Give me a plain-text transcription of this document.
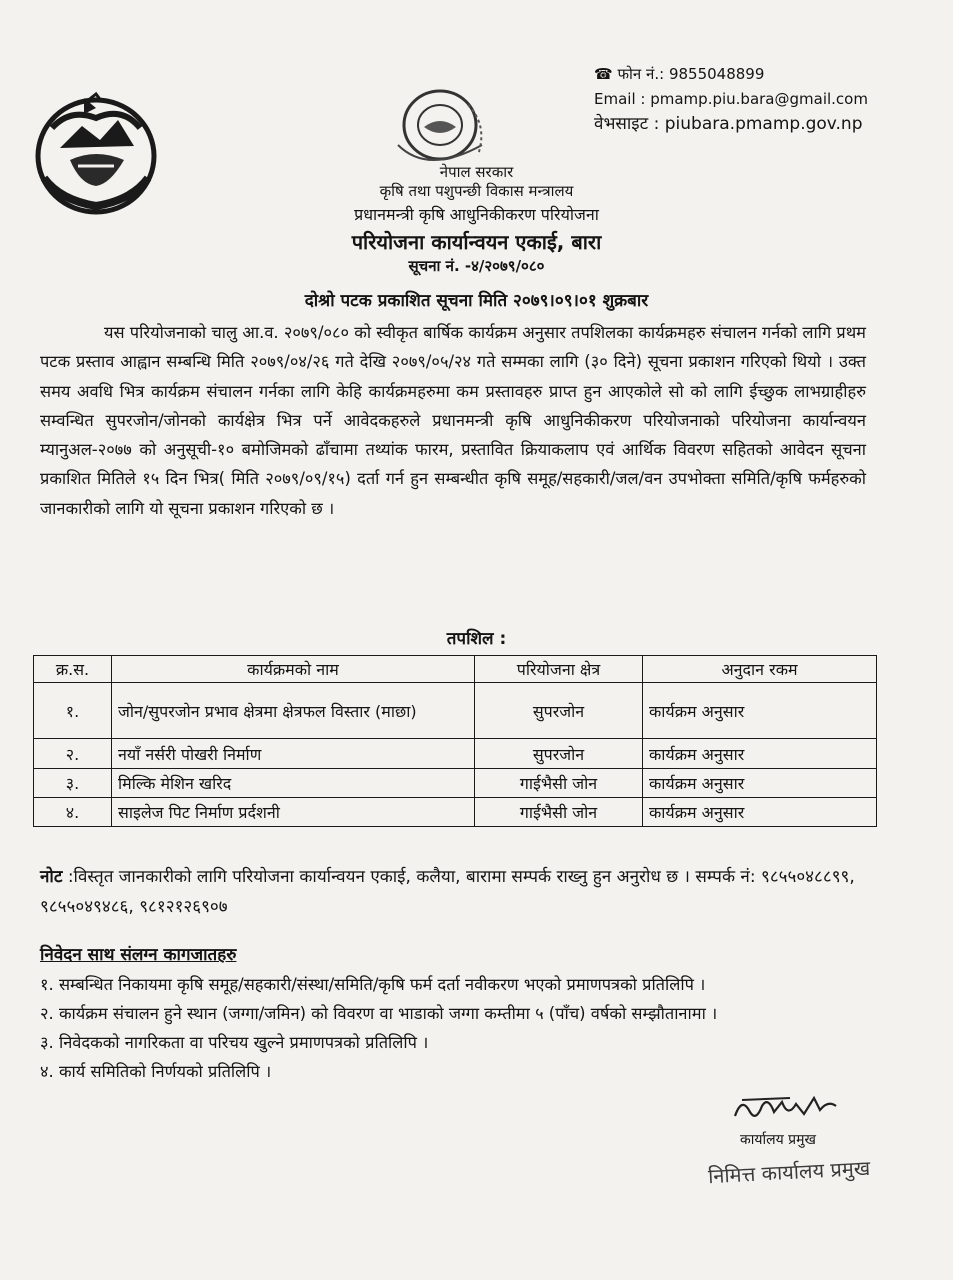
☎ फोन नं.: 9855048899
Email : pmamp.piu.bara@gmail.com
वेभसाइट : piubara.pmamp.gov.np
नेपाल सरकार
कृषि तथा पशुपन्छी विकास मन्त्रालय
प्रधानमन्त्री कृषि आधुनिकीकरण परियोजना
परियोजना कार्यान्वयन एकाई, बारा
सूचना नं. -४/२०७९/०८०
दोश्रो पटक प्रकाशित सूचना मिति २०७९।०९।०१ शुक्रबार

यस परियोजनाको चालु आ.व. २०७९/०८० को स्वीकृत बार्षिक कार्यक्रम अनुसार तपशिलका कार्यक्रमहरु संचालन गर्नको लागि प्रथम पटक प्रस्ताव आह्वान सम्बन्धि मिति २०७९/०४/२६ गते देखि २०७९/०५/२४ गते सम्मका लागि (३० दिने) सूचना प्रकाशन गरिएको थियो । उक्त समय अवधि भित्र कार्यक्रम संचालन गर्नका लागि केहि कार्यक्रमहरुमा कम प्रस्तावहरु प्राप्त हुन आएकोले सो को लागि ईच्छुक लाभग्राहीहरु सम्वन्धित सुपरजोन/जोनको कार्यक्षेत्र भित्र पर्ने आवेदकहरुले प्रधानमन्त्री कृषि आधुनिकीकरण परियोजनाको परियोजना कार्यान्वयन म्यानुअल-२०७७ को अनुसूची-१० बमोजिमको ढाँचामा तथ्यांक फारम, प्रस्तावित क्रियाकलाप एवं आर्थिक विवरण सहितको आवेदन सूचना प्रकाशित मितिले १५ दिन भित्र( मिति २०७९/०९/१५) दर्ता गर्न हुन सम्बन्धीत कृषि समूह/सहकारी/जल/वन उपभोक्ता समिति/कृषि फर्महरुको जानकारीको लागि यो सूचना प्रकाशन गरिएको छ ।

तपशिल :
क्र.स.	कार्यक्रमको नाम	परियोजना क्षेत्र	अनुदान रकम
१.	जोन/सुपरजोन प्रभाव क्षेत्रमा क्षेत्रफल विस्तार (माछा)	सुपरजोन	कार्यक्रम अनुसार
२.	नयाँ नर्सरी पोखरी निर्माण	सुपरजोन	कार्यक्रम अनुसार
३.	मिल्कि मेशिन खरिद	गाईभैसी जोन	कार्यक्रम अनुसार
४.	साइलेज पिट निर्माण प्रर्दशनी	गाईभैसी जोन	कार्यक्रम अनुसार
नोट :विस्तृत जानकारीको लागि परियोजना कार्यान्वयन एकाई, कलैया, बारामा सम्पर्क राख्नु हुन अनुरोध छ । सम्पर्क नं: ९८५५०४८८९९, ९८५५०४९४८६, ९८१२१२६९०७
निवेदन साथ संलग्न कागजातहरु

१. सम्बन्धित निकायमा कृषि समूह/सहकारी/संस्था/समिति/कृषि फर्म दर्ता नवीकरण भएको प्रमाणपत्रको प्रतिलिपि ।

२. कार्यक्रम संचालन हुने स्थान (जग्गा/जमिन) को विवरण वा भाडाको जग्गा कम्तीमा ५ (पाँच) वर्षको सम्झौतानामा ।

३. निवेदकको नागरिकता वा परिचय खुल्ने प्रमाणपत्रको प्रतिलिपि ।

४. कार्य समितिको निर्णयको प्रतिलिपि ।

कार्यालय प्रमुख
निमित्त कार्यालय प्रमुख
